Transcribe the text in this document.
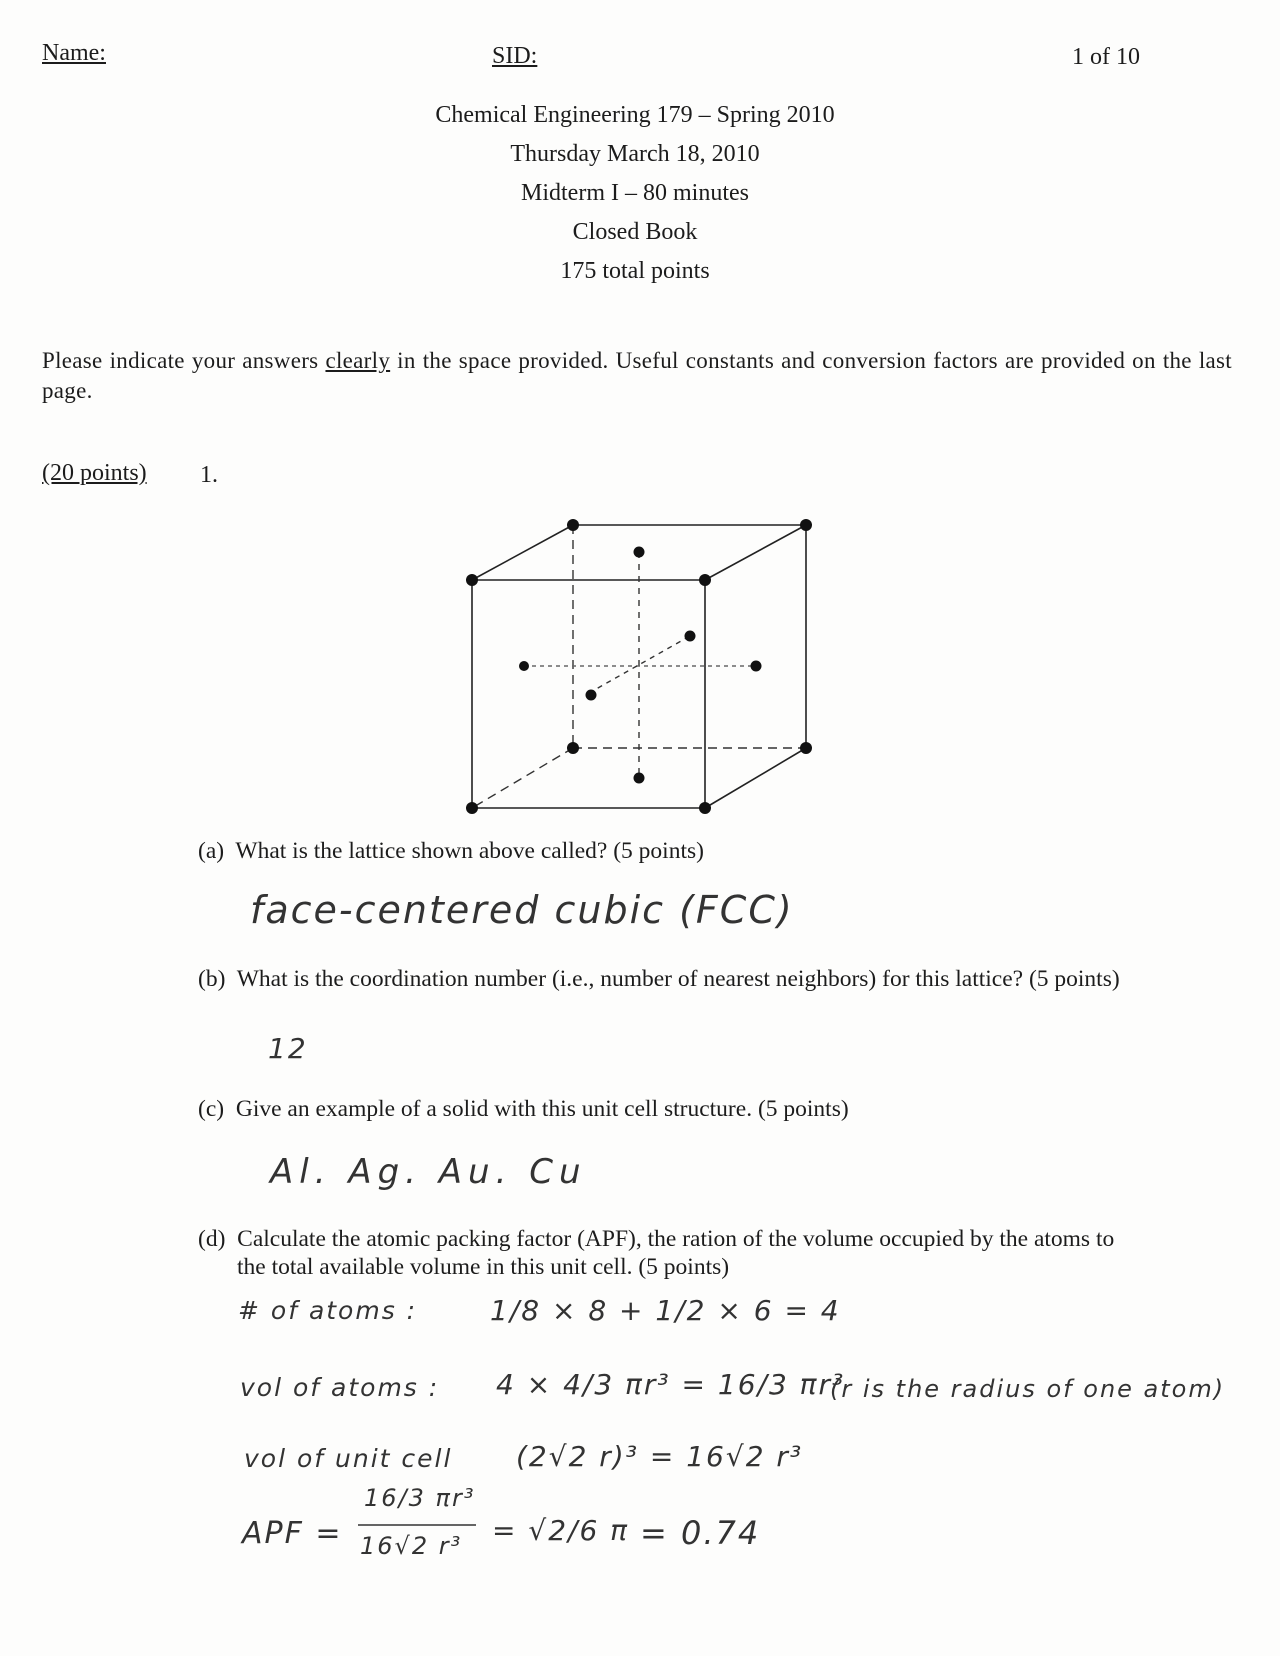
Name:	SID:	1 of 10
Chemical Engineering 179 – Spring 2010
Thursday March 18, 2010
Midterm I – 80 minutes
Closed Book
175 total points
Please indicate your answers clearly in the space provided. Useful constants and conversion factors are provided on the last page.
(20 points) 1.
(a) What is the lattice shown above called? (5 points)
face-centered cubic (FCC)
(b) What is the coordination number (i.e., number of nearest neighbors) for this lattice? (5 points)
12
(c) Give an example of a solid with this unit cell structure. (5 points)
Al. Ag. Au. Cu
(d) Calculate the atomic packing factor (APF), the ration of the volume occupied by the atoms to
the total available volume in this unit cell. (5 points)
# of atoms :	1/8 × 8 + 1/2 × 6 = 4
vol of atoms : 4 × 4/3 πr³ = 16/3 πr³
(r is the radius of one atom)
vol of unit cell (2√2 r)³ = 16√2 r³
APF =
16/3 πr³
16√2 r³ = √2/6 π = 0.74
